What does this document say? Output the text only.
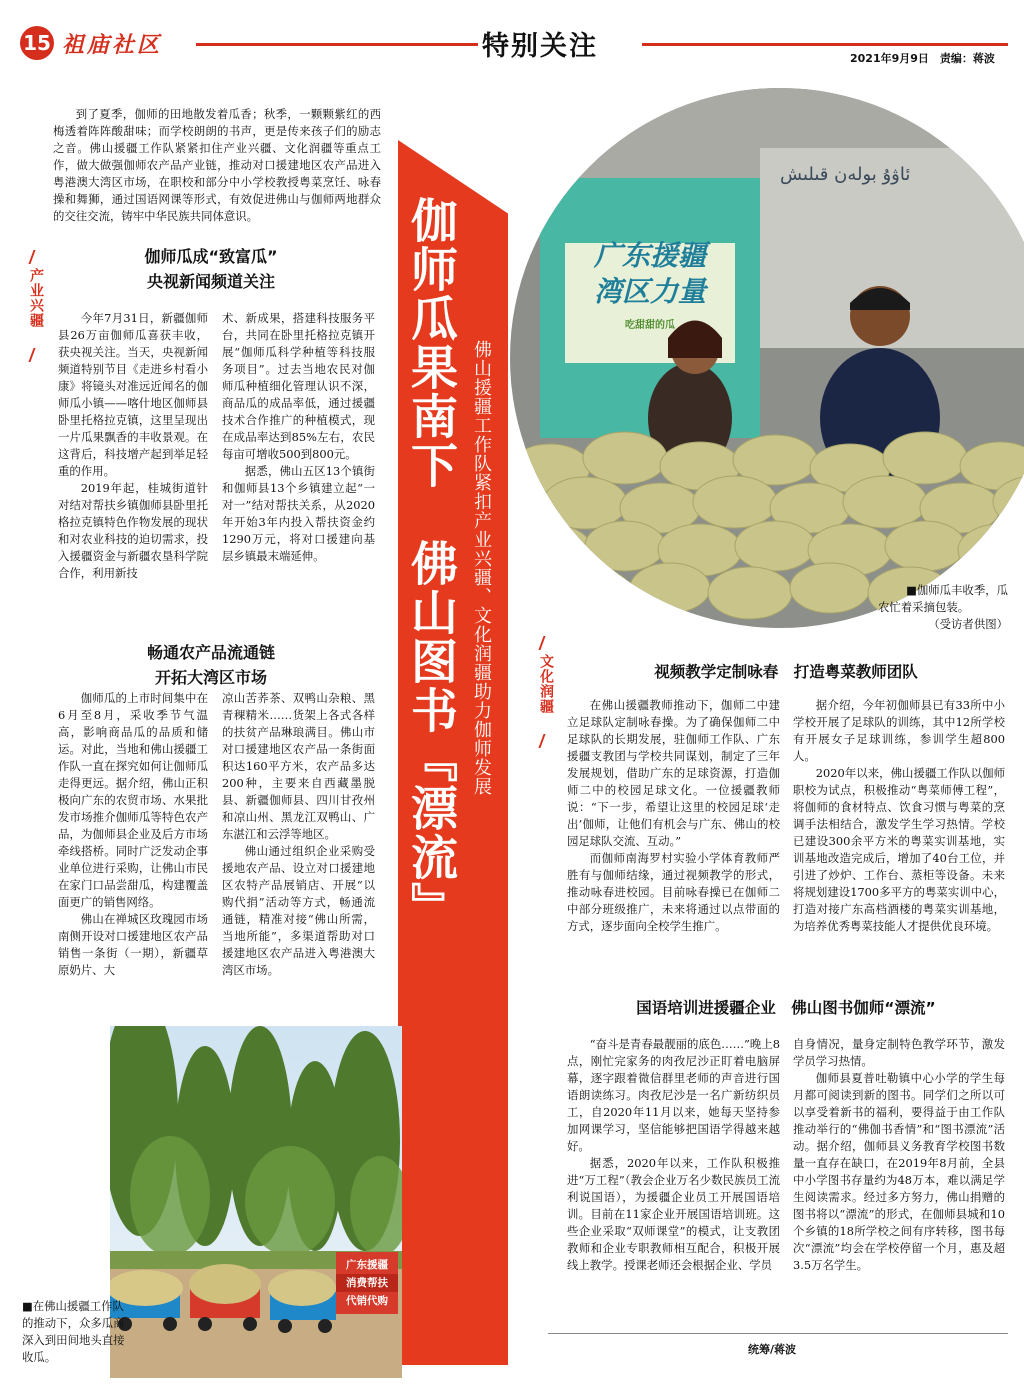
15 祖庙社区	特别关注	2021年9月9日　责编：蒋波
到了夏季，伽师的田地散发着瓜香；秋季，一颗颗紫红的西梅透着阵阵酸甜味；而学校朗朗的书声，更是传来孩子们的励志之音。佛山援疆工作队紧紧扣住产业兴疆、文化润疆等重点工作，做大做强伽师农产品产业链，推动对口援建地区农产品进入粤港澳大湾区市场，在职校和部分中小学校教授粤菜烹饪、咏春操和舞狮，通过国语网课等形式，有效促进佛山与伽师两地群众的交往交流，铸牢中华民族共同体意识。	伽师瓜果南下　佛山图书『漂流』 佛山援疆工作队紧扣产业兴疆、文化润疆助力伽师发展
产业兴疆
伽师瓜成“致富瓜”
央视新闻频道关注

今年7月31日，新疆伽师县26万亩伽师瓜喜获丰收，获央视关注。当天，央视新闻频道特别节目《走进乡村看小康》将镜头对准远近闻名的伽师瓜小镇——喀什地区伽师县卧里托格拉克镇，这里呈现出一片瓜果飘香的丰收景观。在这背后，科技增产起到举足轻重的作用。

2019年起，桂城街道针对结对帮扶乡镇伽师县卧里托格拉克镇特色作物发展的现状和对农业科技的迫切需求，投入援疆资金与新疆农垦科学院合作，利用新技

术、新成果，搭建科技服务平台，共同在卧里托格拉克镇开展“伽师瓜科学种植等科技服务项目”。过去当地农民对伽师瓜种植细化管理认识不深，商品瓜的成品率低，通过援疆技术合作推广的种植模式，现在成品率达到85%左右，农民每亩可增收500到800元。

据悉，佛山五区13个镇街和伽师县13个乡镇建立起“一对一”结对帮扶关系，从2020年开始3年内投入帮扶资金约1290万元，将对口援建向基层乡镇最末端延伸。

畅通农产品流通链
开拓大湾区市场

伽师瓜的上市时间集中在6月至8月，采收季节气温高，影响商品瓜的品质和储运。对此，当地和佛山援疆工作队一直在探究如何让伽师瓜走得更远。据介绍，佛山正积极向广东的农贸市场、水果批发市场推介伽师瓜等特色农产品，为伽师县企业及后方市场牵线搭桥。同时广泛发动企事业单位进行采购，让佛山市民在家门口品尝甜瓜，构建覆盖面更广的销售网络。

佛山在禅城区玫瑰园市场南侧开设对口援建地区农产品销售一条街（一期），新疆草原奶片、大

凉山苦荞茶、双鸭山杂粮、黑青稞精米……货架上各式各样的扶贫产品琳琅满目。佛山市对口援建地区农产品一条街面积达160平方米，农产品多达200种，主要来自西藏墨脱县、新疆伽师县、四川甘孜州和凉山州、黑龙江双鸭山、广东湛江和云浮等地区。

佛山通过组织企业采购受援地农产品、设立对口援建地区农特产品展销店、开展“以购代捐”活动等方式，畅通流通链，精准对接“佛山所需，当地所能”，多渠道帮助对口援建地区农产品进入粤港澳大湾区市场。

广东援疆
消费帮扶
代销代购
■在佛山援疆工作队的推动下，众多瓜商深入到田间地头直接收瓜。
广东援疆
湾区力量
吃甜甜的瓜
ئاۋۇ بولەن قىلىش
■伽师瓜丰收季，瓜
农忙着采摘包装。
（受访者供图）
文化润疆	视频教学定制咏春　打造粤菜教师团队

在佛山援疆教师推动下，伽师二中建立足球队定制咏春操。为了确保伽师二中足球队的长期发展，驻伽师工作队、广东援疆支教团与学校共同谋划，制定了三年发展规划，借助广东的足球资源，打造伽师二中的校园足球文化。一位援疆教师说：“下一步，希望让这里的校园足球‘走出’伽师，让他们有机会与广东、佛山的校园足球队交流、互动。”

而伽师南海罗村实验小学体育教师严胜有与伽师结缘，通过视频教学的形式，推动咏春进校园。目前咏春操已在伽师二中部分班级推广，未来将通过以点带面的方式，逐步面向全校学生推广。

据介绍，今年初伽师县已有33所中小学校开展了足球队的训练，其中12所学校有开展女子足球训练，参训学生超800人。

2020年以来，佛山援疆工作队以伽师职校为试点，积极推动“粤菜师傅工程”，将伽师的食材特点、饮食习惯与粤菜的烹调手法相结合，激发学生学习热情。学校已建设300余平方米的粤菜实训基地，实训基地改造完成后，增加了40台工位，并引进了炒炉、工作台、蒸柜等设备。未来将规划建设1700多平方的粤菜实训中心，打造对接广东高档酒楼的粤菜实训基地，为培养优秀粤菜技能人才提供优良环境。

国语培训进援疆企业　佛山图书伽师“漂流”

“奋斗是青春最靓丽的底色……”晚上8点，刚忙完家务的肉孜尼沙正盯着电脑屏幕，逐字跟着微信群里老师的声音进行国语朗读练习。肉孜尼沙是一名广新纺织员工，自2020年11月以来，她每天坚持参加网课学习，坚信能够把国语学得越来越好。

据悉，2020年以来，工作队积极推进“万工程”（教会企业万名少数民族员工流利说国语），为援疆企业员工开展国语培训。目前在11家企业开展国语培训班。这些企业采取“双师课堂”的模式，让支教团教师和企业专职教师相互配合，积极开展线上教学。授课老师还会根据企业、学员

自身情况，量身定制特色教学环节，激发学员学习热情。

伽师县夏普吐勒镇中心小学的学生每月都可阅读到新的图书。同学们之所以可以享受着新书的福利，要得益于由工作队推动举行的“佛伽书香情”和“图书漂流”活动。据介绍，伽师县义务教育学校图书数量一直存在缺口，在2019年8月前，全县中小学图书存量约为48万本，难以满足学生阅读需求。经过多方努力，佛山捐赠的图书将以“漂流”的形式，在伽师县城和10个乡镇的18所学校之间有序转移，图书每次“漂流”均会在学校停留一个月，惠及超3.5万名学生。

统筹/蒋波
